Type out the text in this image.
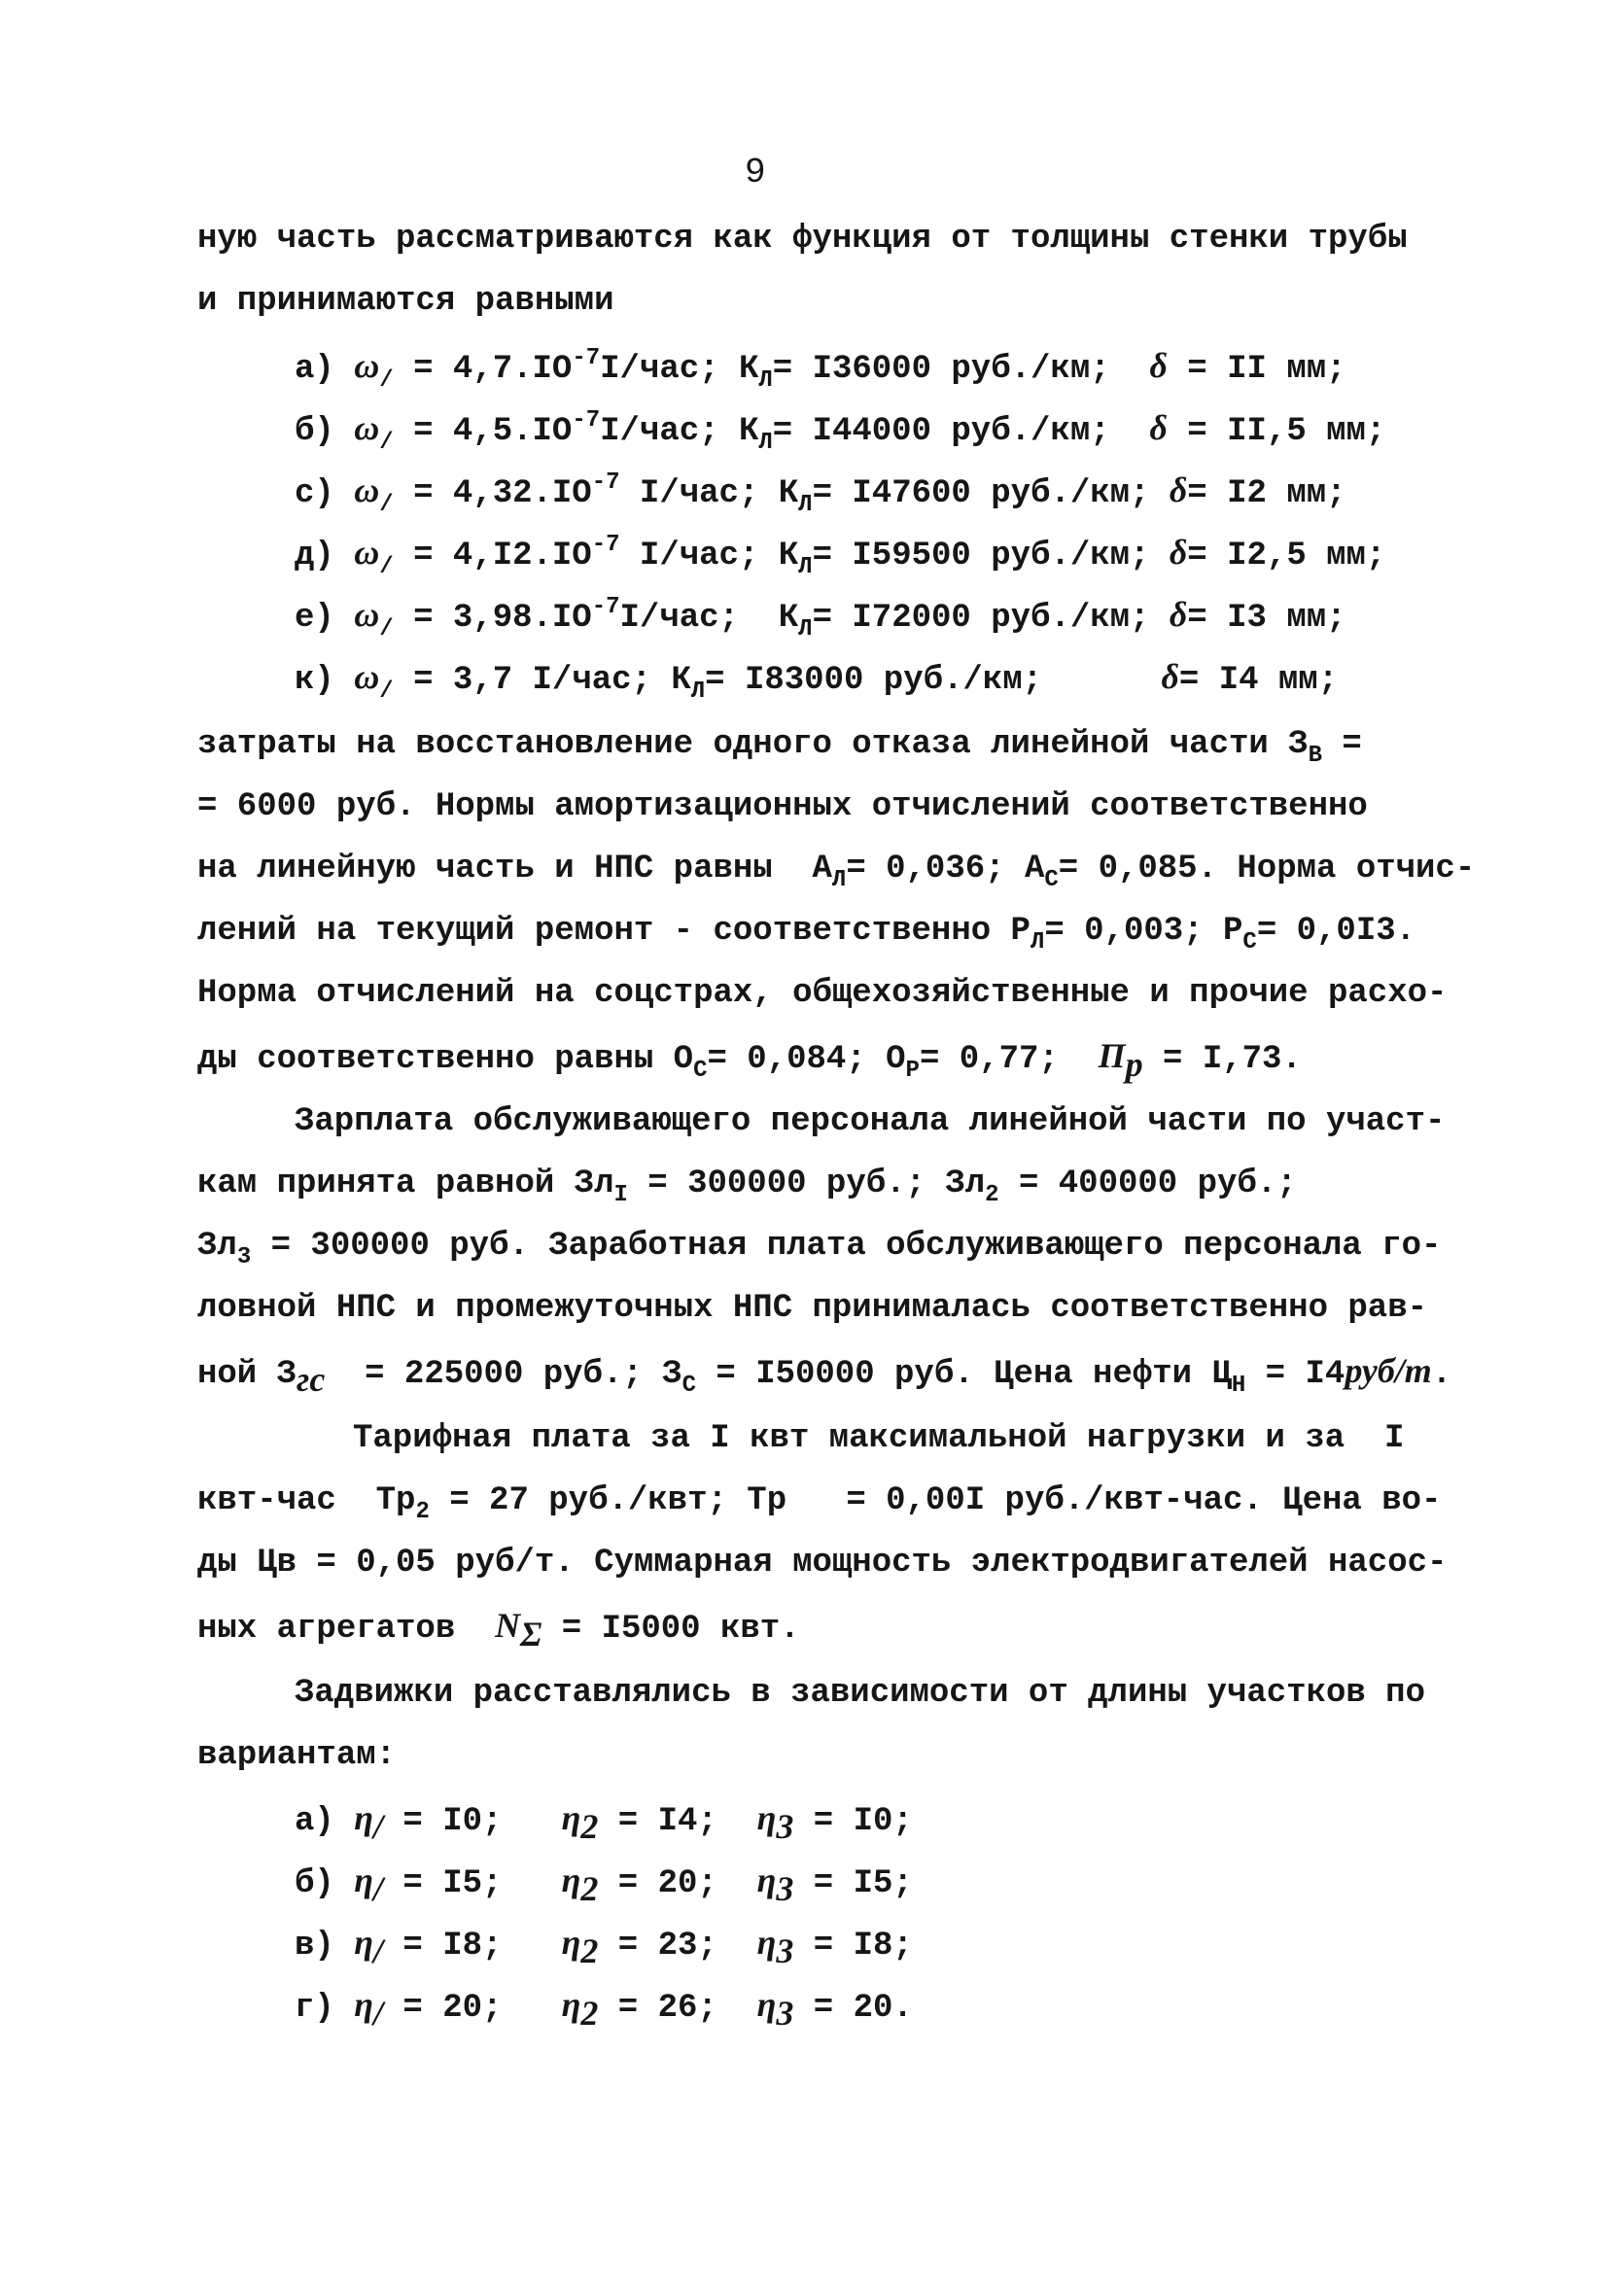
9
ную часть рассматриваются как функция от толщины стенки трубы
и принимаются равными
а) $\omega_/ = 4,7.IO^{-7}I/час$; $К_Л= I36000$ руб./км; δ = II мм;
б) $\omega_/ = 4,5.IO^{-7}I/час$; $К_Л= I44000$ руб./км; δ = II,5 мм;
с) $\omega_/ = 4,32.IO^{-7}$ I/час; $К_Л= I47600$ руб./км; δ= I2 мм;
д) $\omega_/ = 4,I2.IO^{-7}$ I/час; $К_Л= I59500$ руб./км; δ= I2,5 мм;
е) $\omega_/ = 3,98.IO^{-7}I/час$; $К_Л= I72000$ руб./км; δ= I3 мм;
к) $\omega_/ = 3,7$ I/час; $К_Л= I83000$ руб./км;	δ= I4 мм;
затраты на восстановление одного отказа линейной части $З_В$ =
= 6000 руб. Нормы амортизационных отчислений соответственно
на линейную часть и НПС равны  $А_Л= 0,036$; $А_С= 0,085$. Норма отчис-
лений на текущий ремонт - соответственно $Р_Л= 0,003$; $Р_С= 0,0I3$.
Норма отчислений на соцстрах, общехозяйственные и прочие расхо-
ды соответственно равны $О_С= 0,084$; $О_Р= 0,77$;  $П_р = I,73$.
Зарплата обслуживающего персонала линейной части по участ-
кам принята равной $Зл_I = 300000$ руб.; $Зл_2 = 400000$ руб.;
$Зл_3 = 300000$ руб. Заработная плата обслуживающего персонала го-
ловной НПС и промежуточных НПС принималась соответственно рав-
ной $З_{гс} = 225000$ руб.; $З_С = I50000$ руб. Цена нефти $Ц_Н = I4руб/т$.
Тарифная плата за I квт максимальной нагрузки и за  I
квт-час  $Тр_2 = 27$ руб./квт; Тр   = 0,00I руб./квт-час. Цена во-
ды Цв = 0,05 руб/т. Суммарная мощность электродвигателей насос-
ных агрегатов  $N_\Sigma = I5000$ квт.
Задвижки расставлялись в зависимости от длины участков по
вариантам:
а) $\eta_/ = I0$; $\eta_2 = I4$; $\eta_3 = I0$;
б) $\eta_/ = I5$; $\eta_2 = 20$; $\eta_3 = I5$;
в) $\eta_/ = I8$; $\eta_2 = 23$; $\eta_3 = I8$;
г) $\eta_/ = 20$; $\eta_2 = 26$; $\eta_3 = 20$.
